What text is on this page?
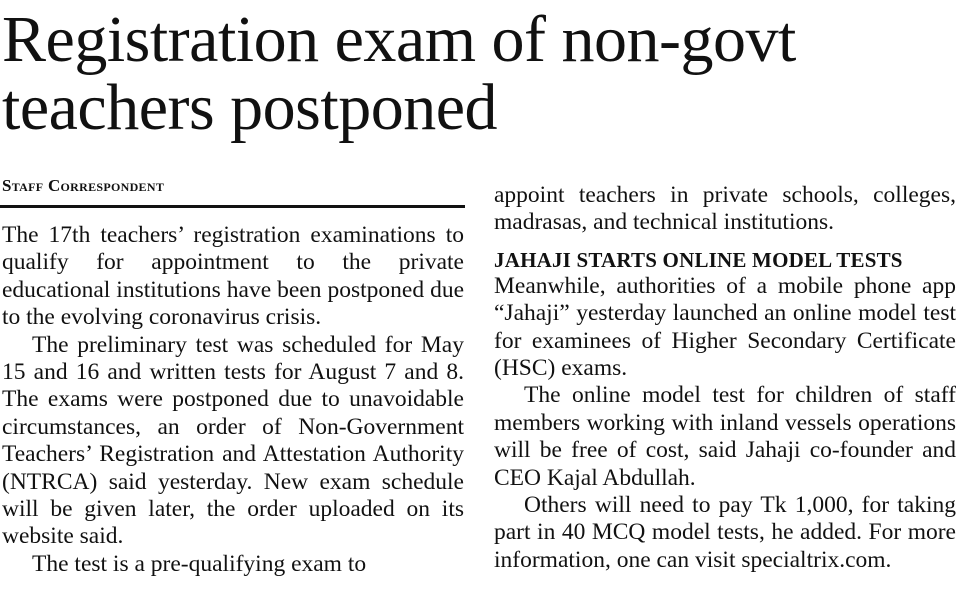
Registration exam of non-govt teachers postponed
Staff Correspondent

The 17th teachers’ registration examinations to qualify for appointment to the private educational institutions have been postponed due to the evolving coronavirus crisis.

The preliminary test was scheduled for May 15 and 16 and written tests for August 7 and 8. The exams were postponed due to unavoidable circumstances, an order of Non-Government Teachers’ Registration and Attestation Authority (NTRCA) said yesterday. New exam schedule will be given later, the order uploaded on its website said.

The test is a pre-qualifying exam to

appoint teachers in private schools, colleges, madrasas, and technical institutions.

JAHAJI STARTS ONLINE MODEL TESTS

Meanwhile, authorities of a mobile phone app “Jahaji” yesterday launched an online model test for examinees of Higher Secondary Certificate (HSC) exams.

The online model test for children of staff members working with inland vessels operations will be free of cost, said Jahaji co-founder and CEO Kajal Abdullah.

Others will need to pay Tk 1,000, for taking part in 40 MCQ model tests, he added. For more information, one can visit specialtrix.com.
